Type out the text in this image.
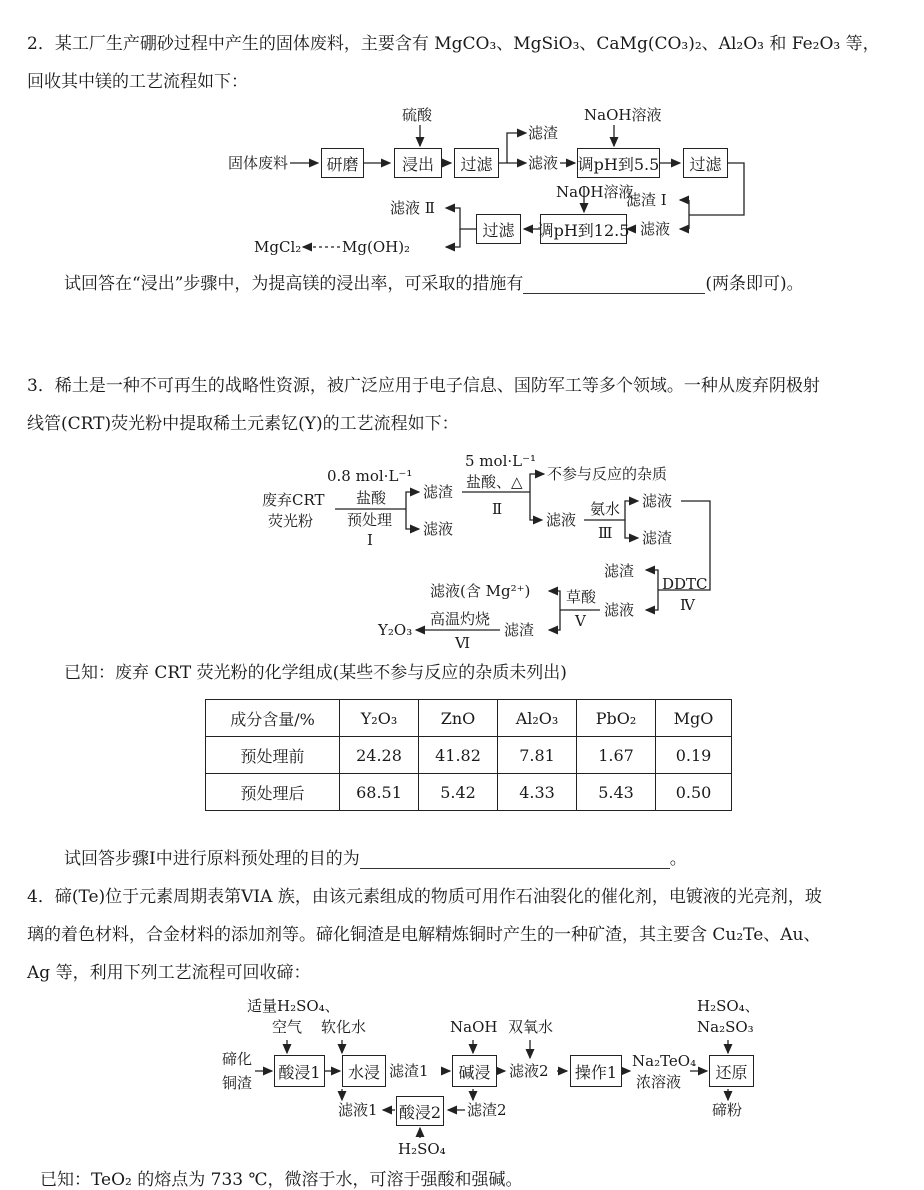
2．某工厂生产硼砂过程中产生的固体废料，主要含有 MgCO₃、MgSiO₃、CaMg(CO₃)₂、Al₂O₃ 和 Fe₂O₃ 等，
回收其中镁的工艺流程如下：
固体废料	研磨
硫酸
浸出	过滤
滤渣
滤液
NaOH溶液
调pH到5.5	过滤
滤渣 Ⅰ
滤液
NaOH溶液
调pH到12.5
过滤
滤液 Ⅱ
Mg(OH)₂
MgCl₂
试回答在“浸出”步骤中，为提高镁的浸出率，可采取的措施有	(两条即可)。
3．稀土是一种不可再生的战略性资源，被广泛应用于电子信息、国防军工等多个领域。一种从废弃阴极射
线管(CRT)荧光粉中提取稀土元素钇(Y)的工艺流程如下：
废弃CRT
荧光粉
0.8 mol·L⁻¹
盐酸
预处理
Ⅰ
滤渣
滤液
5 mol·L⁻¹
盐酸、△
Ⅱ
不参与反应的杂质
滤液
氨水
Ⅲ
滤液
滤渣
DDTC
Ⅳ
滤渣
滤液
草酸
Ⅴ
滤液(含 Mg²⁺)
滤渣
高温灼烧
Ⅵ
Y₂O₃
已知：废弃 CRT 荧光粉的化学组成(某些不参与反应的杂质未列出)
成分含量/%	Y₂O₃	ZnO	Al₂O₃	PbO₂	MgO
预处理前	24.28	41.82	7.81	1.67	0.19
预处理后	68.51	5.42	4.33	5.43	0.50
试回答步骤Ⅰ中进行原料预处理的目的为	。
4．碲(Te)位于元素周期表第VIA 族，由该元素组成的物质可用作石油裂化的催化剂，电镀液的光亮剂，玻
璃的着色材料，合金材料的添加剂等。碲化铜渣是电解精炼铜时产生的一种矿渣，其主要含 Cu₂Te、Au、
Ag 等，利用下列工艺流程可回收碲：
碲化
铜渣
适量H₂SO₄、
空气
酸浸1
软化水
水浸 滤渣1
NaOH
碱浸
双氧水
滤液2	操作1
Na₂TeO₄
浓溶液
H₂SO₄、
Na₂SO₃
还原
碲粉
滤液1 酸浸2 滤渣2
H₂SO₄
已知：TeO₂ 的熔点为 733 ℃，微溶于水，可溶于强酸和强碱。
